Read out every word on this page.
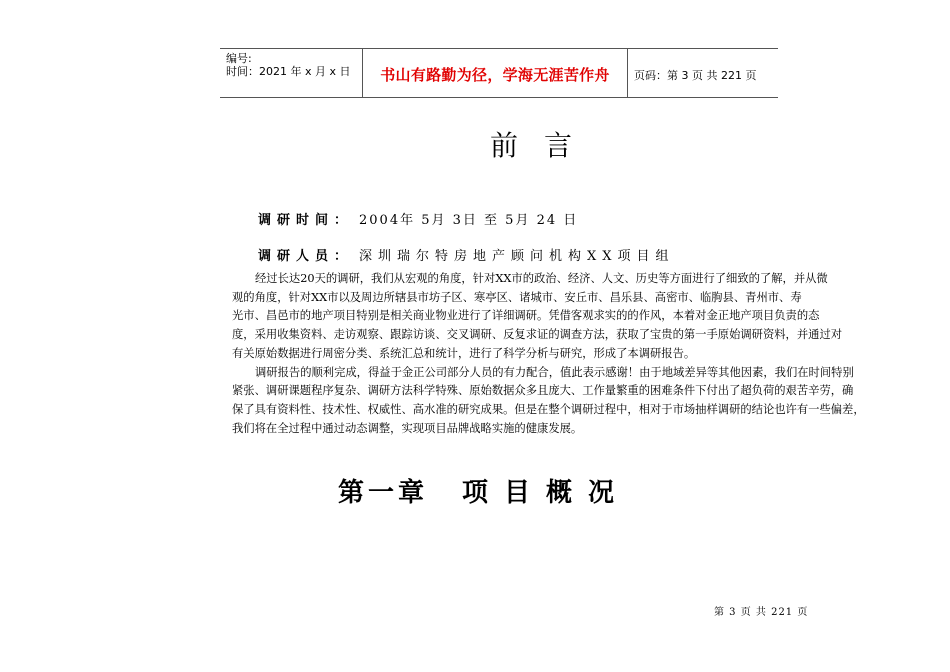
编号:
时间：2021 年 x 月 x 日	书山有路勤为径，学海无涯苦作舟	页码：第 3 页 共 221 页
前言
调研时间： 2004年 5月 3日 至 5月 24 日
调研人员： 深圳瑞尔特房地产顾问机构XX项目组
经过长达20天的调研，我们从宏观的角度，针对XX市的政治、经济、人文、历史等方面进行了细致的了解，并从微
观的角度，针对XX市以及周边所辖县市坊子区、寒亭区、诸城市、安丘市、昌乐县、高密市、临朐县、青州市、寿
光市、昌邑市的地产项目特别是相关商业物业进行了详细调研。凭借客观求实的的作风，本着对金正地产项目负责的态
度，采用收集资料、走访观察、跟踪访谈、交叉调研、反复求证的调查方法，获取了宝贵的第一手原始调研资料，并通过对
有关原始数据进行周密分类、系统汇总和统计，进行了科学分析与研究，形成了本调研报告。
调研报告的顺利完成，得益于金正公司部分人员的有力配合，值此表示感谢！由于地域差异等其他因素，我们在时间特别
紧张、调研课题程序复杂、调研方法科学特殊、原始数据众多且庞大、工作量繁重的困难条件下付出了超负荷的艰苦辛劳，确
保了具有资料性、技术性、权威性、高水准的研究成果。但是在整个调研过程中，相对于市场抽样调研的结论也许有一些偏差，
我们将在全过程中通过动态调整，实现项目品牌战略实施的健康发展。
第一章 项目概况
第 3 页 共 221 页
